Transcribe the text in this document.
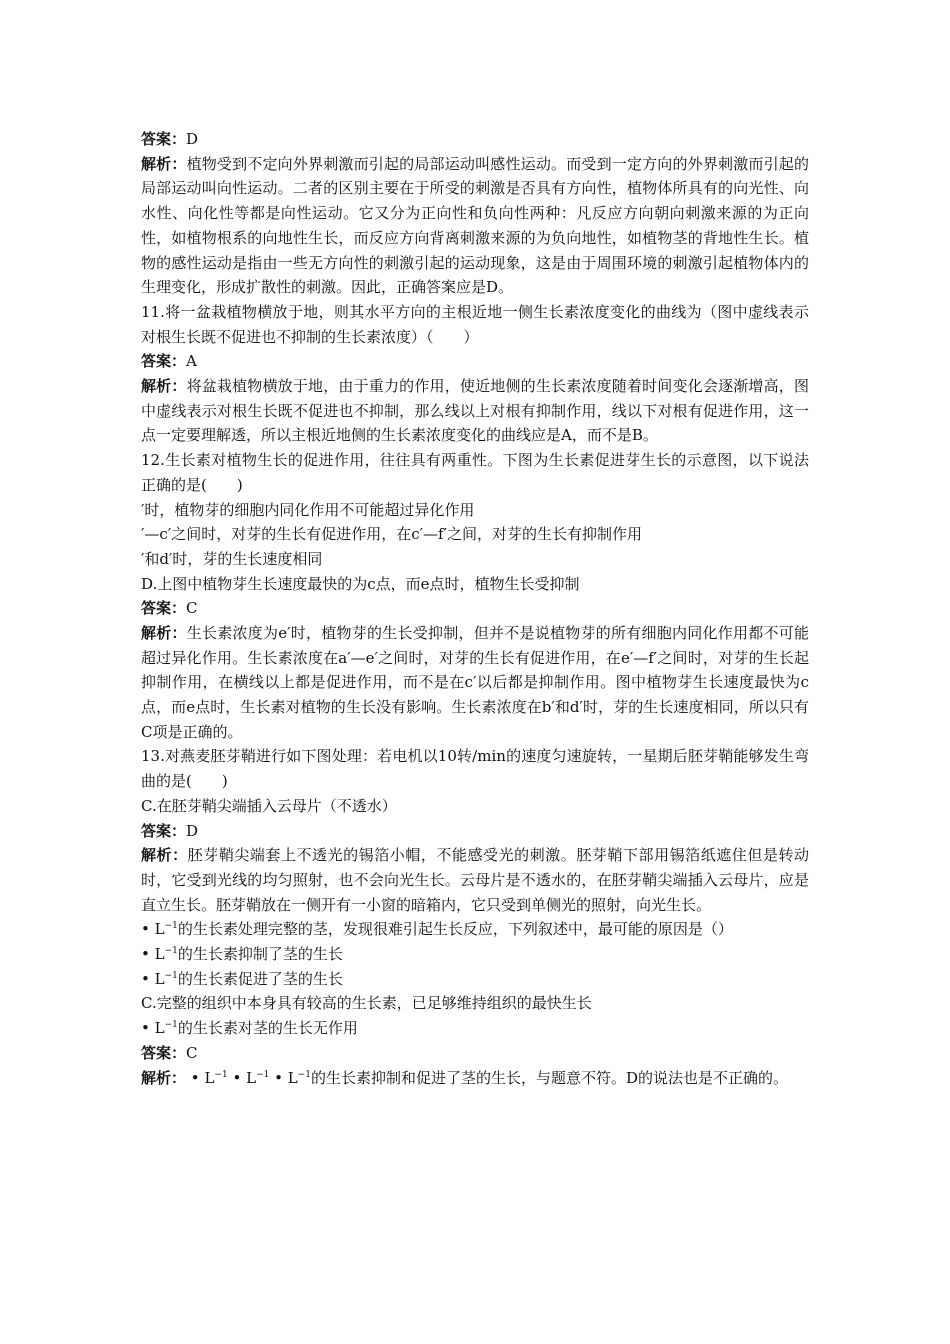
答案：D

解析：植物受到不定向外界刺激而引起的局部运动叫感性运动。而受到一定方向的外界刺激而引起的局部运动叫向性运动。二者的区别主要在于所受的刺激是否具有方向性，植物体所具有的向光性、向水性、向化性等都是向性运动。它又分为正向性和负向性两种：凡反应方向朝向刺激来源的为正向性，如植物根系的向地性生长，而反应方向背离刺激来源的为负向地性，如植物茎的背地性生长。植物的感性运动是指由一些无方向性的刺激引起的运动现象，这是由于周围环境的刺激引起植物体内的生理变化，形成扩散性的刺激。因此，正确答案应是D。

11.将一盆栽植物横放于地，则其水平方向的主根近地一侧生长素浓度变化的曲线为（图中虚线表示对根生长既不促进也不抑制的生长素浓度）（　　）

答案：A

解析：将盆栽植物横放于地，由于重力的作用，使近地侧的生长素浓度随着时间变化会逐渐增高，图中虚线表示对根生长既不促进也不抑制，那么线以上对根有抑制作用，线以下对根有促进作用，这一点一定要理解透，所以主根近地侧的生长素浓度变化的曲线应是A，而不是B。

12.生长素对植物生长的促进作用，往往具有两重性。下图为生长素促进芽生长的示意图，以下说法正确的是(　　)

′时，植物芽的细胞内同化作用不可能超过异化作用
′—c′之间时，对芽的生长有促进作用，在c′—f′之间，对芽的生长有抑制作用
′和d′时，芽的生长速度相同
D.上图中植物芽生长速度最快的为c点，而e点时，植物生长受抑制
答案：C

解析：生长素浓度为e′时，植物芽的生长受抑制，但并不是说植物芽的所有细胞内同化作用都不可能超过异化作用。生长素浓度在a′—e′之间时，对芽的生长有促进作用，在e′—f′之间时，对芽的生长起抑制作用，在横线以上都是促进作用，而不是在c′以后都是抑制作用。图中植物芽生长速度最快为c点，而e点时，生长素对植物的生长没有影响。生长素浓度在b′和d′时，芽的生长速度相同，所以只有C项是正确的。

13.对燕麦胚芽鞘进行如下图处理：若电机以10转/min的速度匀速旋转，一星期后胚芽鞘能够发生弯曲的是(　　)

C.在胚芽鞘尖端插入云母片（不透水）
答案：D

解析：胚芽鞘尖端套上不透光的锡箔小帽，不能感受光的刺激。胚芽鞘下部用锡箔纸遮住但是转动时，它受到光线的均匀照射，也不会向光生长。云母片是不透水的，在胚芽鞘尖端插入云母片，应是直立生长。胚芽鞘放在一侧开有一小窗的暗箱内，它只受到单侧光的照射，向光生长。

• $L^{-1}$的生长素处理完整的茎，发现很难引起生长反应，下列叙述中，最可能的原因是（）

• $L^{-1}$的生长素抑制了茎的生长
• $L^{-1}$的生长素促进了茎的生长
C.完整的组织中本身具有较高的生长素，已足够维持组织的最快生长
• $L^{-1}$的生长素对茎的生长无作用
答案：C

解析： • $L^{-1}$ • $L^{-1}$ • $L^{-1}$的生长素抑制和促进了茎的生长，与题意不符。D的说法也是不正确的。
